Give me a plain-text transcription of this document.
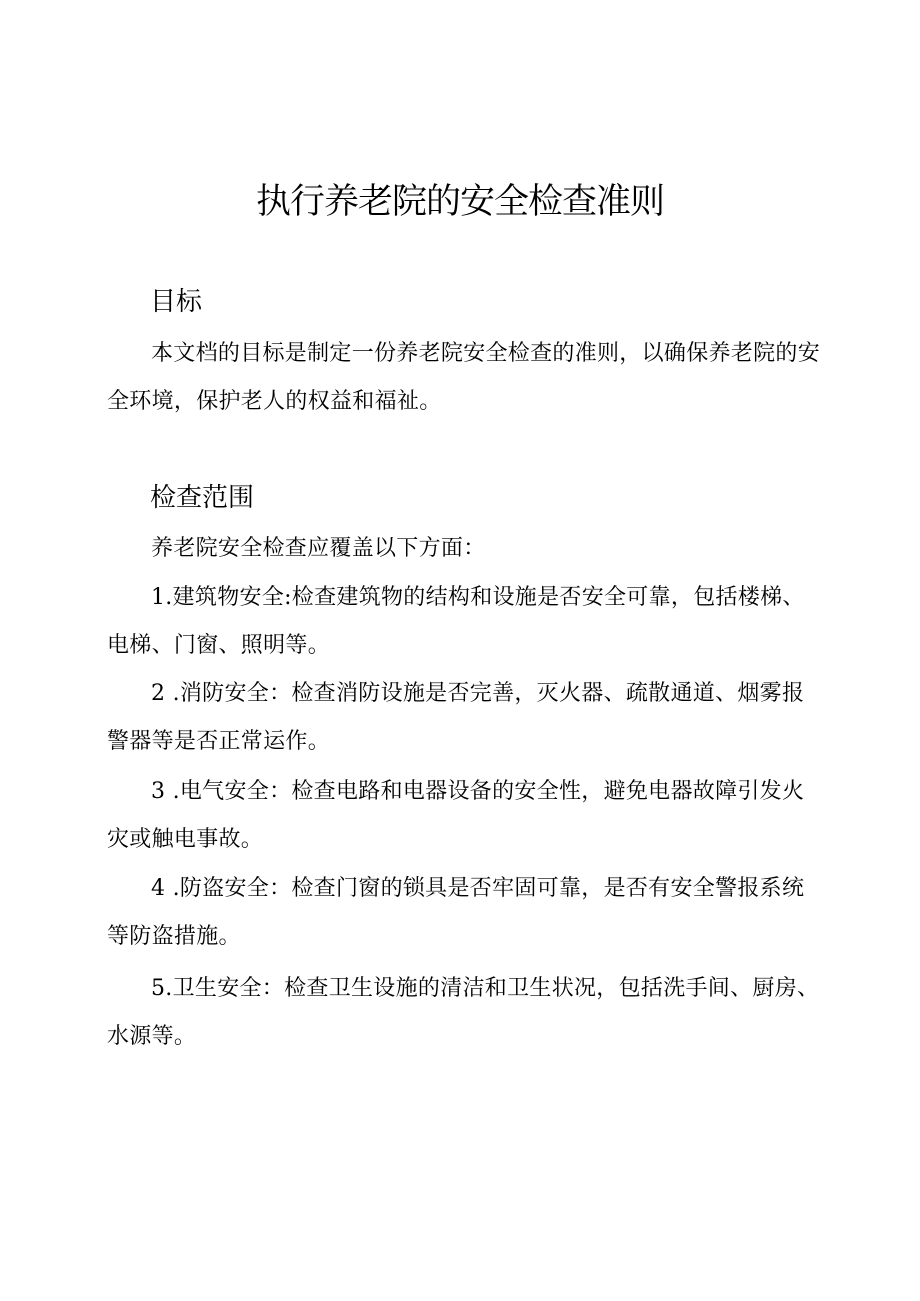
执行养老院的安全检查准则
目标

本文档的目标是制定一份养老院安全检查的准则，以确保养老院的安全环境，保护老人的权益和福祉。

检查范围

养老院安全检查应覆盖以下方面：

1.建筑物安全:检查建筑物的结构和设施是否安全可靠，包括楼梯、电梯、门窗、照明等。

2 .消防安全：检查消防设施是否完善，灭火器、疏散通道、烟雾报警器等是否正常运作。

3 .电气安全：检查电路和电器设备的安全性，避免电器故障引发火灾或触电事故。

4 .防盗安全：检查门窗的锁具是否牢固可靠，是否有安全警报系统等防盗措施。

5.卫生安全：检查卫生设施的清洁和卫生状况，包括洗手间、厨房、水源等。
